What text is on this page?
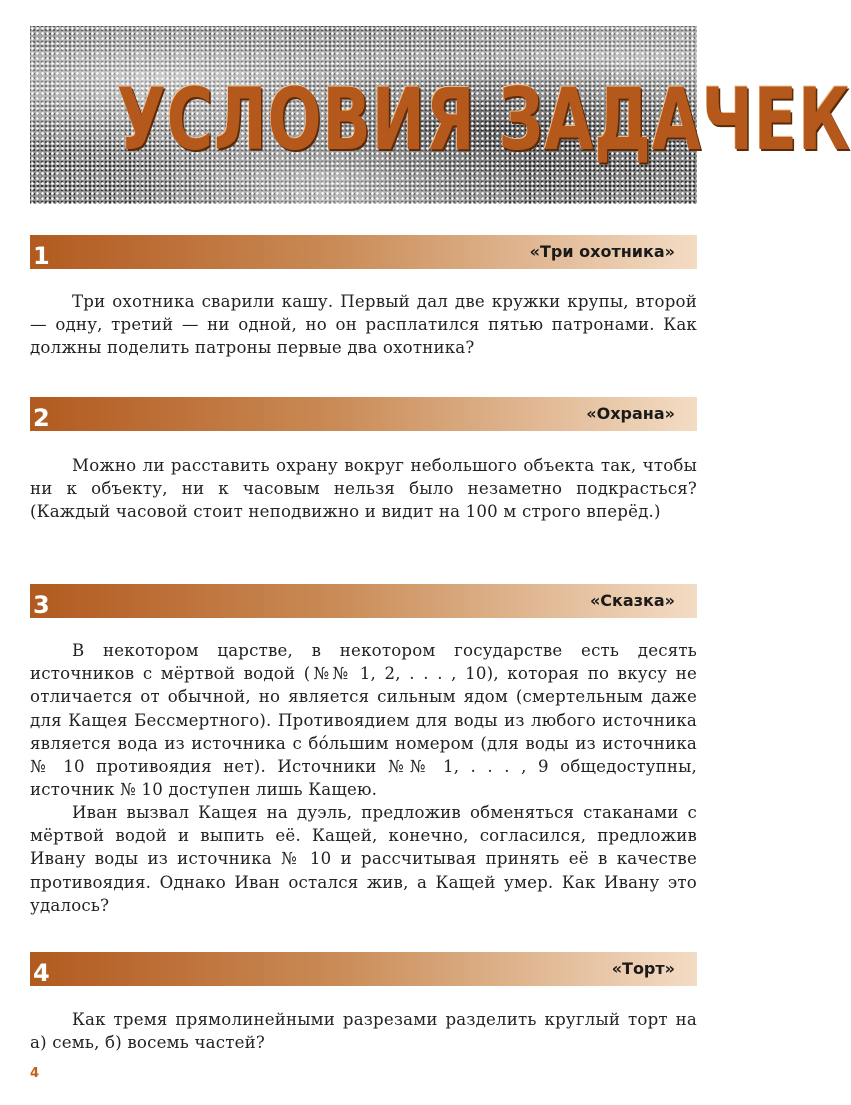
УСЛОВИЯ ЗАДАЧЕК
1	«Три охотника»

Три охотника сварили кашу. Первый дал две кружки крупы, второй — одну, третий — ни одной, но он расплатился пятью патронами. Как должны поделить патроны первые два охотника?

2	«Охрана»

Можно ли расставить охрану вокруг небольшого объекта так, чтобы ни к объекту, ни к часовым нельзя было незаметно подкрасться? (Каждый часовой стоит неподвижно и видит на 100 м строго вперёд.)

3	«Сказка»

В некотором царстве, в некотором государстве есть десять источников с мёртвой водой (№№ 1, 2, . . . , 10), которая по вкусу не отличается от обычной, но является сильным ядом (смертельным даже для Кащея Бессмертного). Противоядием для воды из любого источника является вода из источника с бóльшим номером (для воды из источника № 10 противоядия нет). Источники №№ 1, . . . , 9 общедоступны, источник № 10 доступен лишь Кащею.

Иван вызвал Кащея на дуэль, предложив обменяться стаканами с мёртвой водой и выпить её. Кащей, конечно, согласился, предложив Ивану воды из источника № 10 и рассчитывая принять её в качестве противоядия. Однако Иван остался жив, а Кащей умер. Как Ивану это удалось?

4	«Торт»

Как тремя прямолинейными разрезами разделить круглый торт на а) семь, б) восемь частей?

4
